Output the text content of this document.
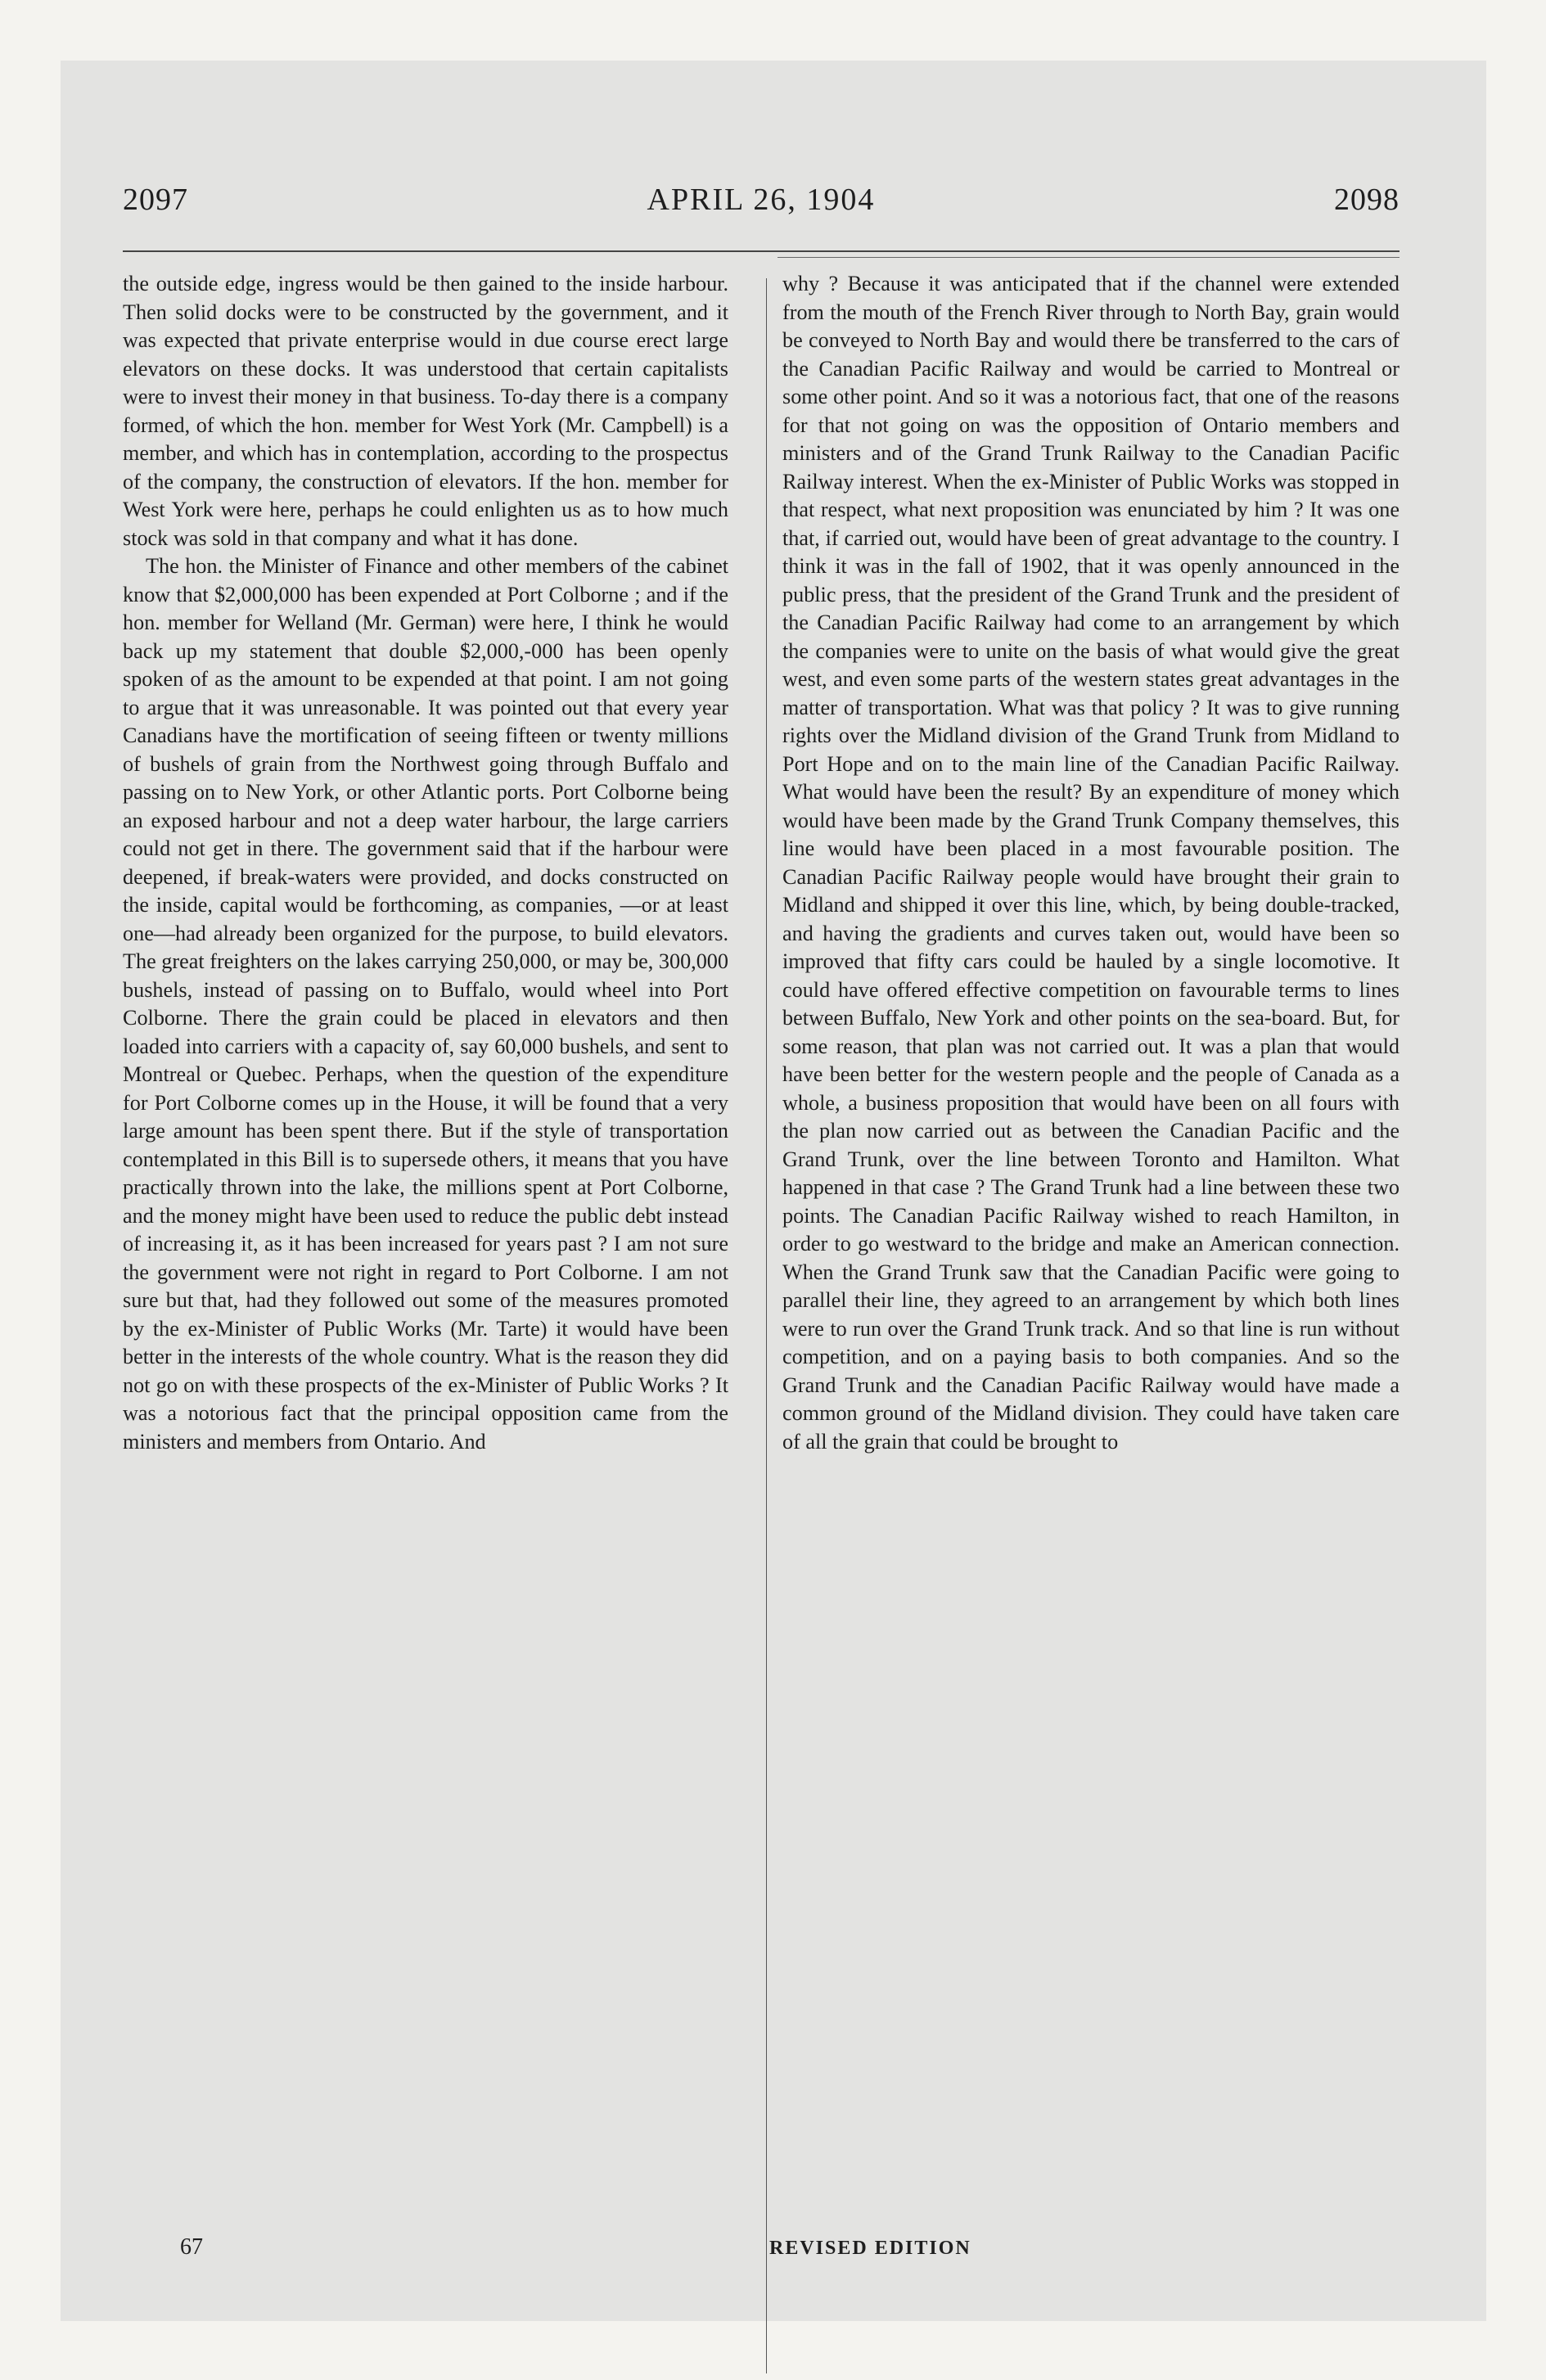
2097	APRIL 26, 1904	2098

the outside edge, ingress would be then gained to the inside harbour. Then solid docks were to be constructed by the government, and it was expected that private enterprise would in due course erect large elevators on these docks. It was understood that certain capitalists were to invest their money in that business. To-day there is a company formed, of which the hon. member for West York (Mr. Campbell) is a member, and which has in contemplation, according to the prospectus of the company, the construction of elevators. If the hon. member for West York were here, perhaps he could enlighten us as to how much stock was sold in that company and what it has done.

The hon. the Minister of Finance and other members of the cabinet know that $2,000,000 has been expended at Port Colborne ; and if the hon. member for Welland (Mr. German) were here, I think he would back up my statement that double $2,000,-000 has been openly spoken of as the amount to be expended at that point. I am not going to argue that it was unreasonable. It was pointed out that every year Canadians have the mortification of seeing fifteen or twenty millions of bushels of grain from the Northwest going through Buffalo and passing on to New York, or other Atlantic ports. Port Colborne being an exposed harbour and not a deep water harbour, the large carriers could not get in there. The government said that if the harbour were deepened, if break-waters were provided, and docks constructed on the inside, capital would be forthcoming, as companies, —or at least one—had already been organized for the purpose, to build elevators. The great freighters on the lakes carrying 250,000, or may be, 300,000 bushels, instead of passing on to Buffalo, would wheel into Port Colborne. There the grain could be placed in elevators and then loaded into carriers with a capacity of, say 60,000 bushels, and sent to Montreal or Quebec. Perhaps, when the question of the expenditure for Port Colborne comes up in the House, it will be found that a very large amount has been spent there. But if the style of transportation contemplated in this Bill is to supersede others, it means that you have practically thrown into the lake, the millions spent at Port Colborne, and the money might have been used to reduce the public debt instead of increasing it, as it has been increased for years past ? I am not sure the government were not right in regard to Port Colborne. I am not sure but that, had they followed out some of the measures promoted by the ex-Minister of Public Works (Mr. Tarte) it would have been better in the interests of the whole country. What is the reason they did not go on with these prospects of the ex-Minister of Public Works ? It was a notorious fact that the principal opposition came from the ministers and members from Ontario. And

why ? Because it was anticipated that if the channel were extended from the mouth of the French River through to North Bay, grain would be conveyed to North Bay and would there be transferred to the cars of the Canadian Pacific Railway and would be carried to Montreal or some other point. And so it was a notorious fact, that one of the reasons for that not going on was the opposition of Ontario members and ministers and of the Grand Trunk Railway to the Canadian Pacific Railway interest. When the ex-Minister of Public Works was stopped in that respect, what next proposition was enunciated by him ? It was one that, if carried out, would have been of great advantage to the country. I think it was in the fall of 1902, that it was openly announced in the public press, that the president of the Grand Trunk and the president of the Canadian Pacific Railway had come to an arrangement by which the companies were to unite on the basis of what would give the great west, and even some parts of the western states great advantages in the matter of transportation. What was that policy ? It was to give running rights over the Midland division of the Grand Trunk from Midland to Port Hope and on to the main line of the Canadian Pacific Railway. What would have been the result? By an expenditure of money which would have been made by the Grand Trunk Company themselves, this line would have been placed in a most favourable position. The Canadian Pacific Railway people would have brought their grain to Midland and shipped it over this line, which, by being double-tracked, and having the gradients and curves taken out, would have been so improved that fifty cars could be hauled by a single locomotive. It could have offered effective competition on favourable terms to lines between Buffalo, New York and other points on the sea-board. But, for some reason, that plan was not carried out. It was a plan that would have been better for the western people and the people of Canada as a whole, a business proposition that would have been on all fours with the plan now carried out as between the Canadian Pacific and the Grand Trunk, over the line between Toronto and Hamilton. What happened in that case ? The Grand Trunk had a line between these two points. The Canadian Pacific Railway wished to reach Hamilton, in order to go westward to the bridge and make an American connection. When the Grand Trunk saw that the Canadian Pacific were going to parallel their line, they agreed to an arrangement by which both lines were to run over the Grand Trunk track. And so that line is run without competition, and on a paying basis to both companies. And so the Grand Trunk and the Canadian Pacific Railway would have made a common ground of the Midland division. They could have taken care of all the grain that could be brought to

67	REVISED EDITION
